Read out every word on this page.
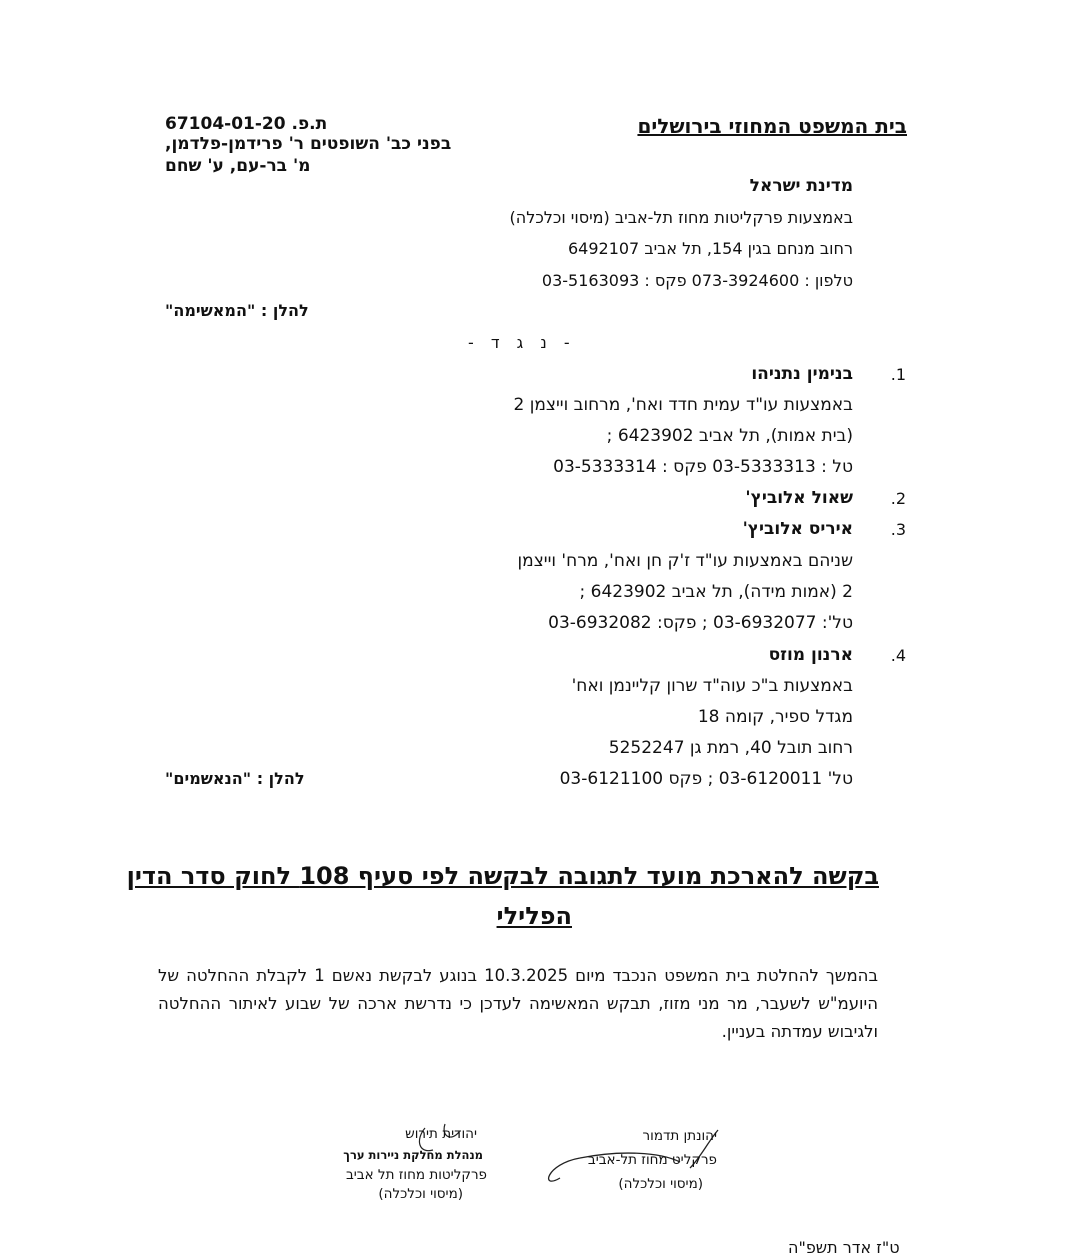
בית המשפט המחוזי בירושלים
ת.פ. 67104-01-20
בפני כב' השופטים ר' פרידמן-פלדמן,
מ' בר-עם, ע' שחם
מדינת ישראל
באמצעות פרקליטות מחוז תל-אביב (מיסוי וכלכלה)
רחוב מנחם בגין 154, תל אביב 6492107
טלפון : 073-3924600 פקס : 03-5163093
להלן : "המאשימה"
- נ ג ד -
1.
בנימין נתניהו
באמצעות עו"ד עמית חדד ואח', מרחוב וייצמן 2
(בית אמות), תל אביב 6423902 ;
טל : 03-5333313 פקס : 03-5333314
2.
שאול אלוביץ'
3.
איריס אלוביץ'
שניהם באמצעות עו"ד ז'ק חן ואח', מרח' וייצמן
2 (אמות מידה), תל אביב 6423902 ;
טל': 03-6932077 ; פקס: 03-6932082
4.
ארנון מוזס
באמצעות ב"כ עוה"ד שרון קליינמן ואח'
מגדל ספיר, קומה 18
רחוב תובל 40, רמת גן 5252247
טל' 03-6120011 ; פקס 03-6121100
להלן : "הנאשמים"
בקשה להארכת מועד לתגובה לבקשה לפי סעיף 108 לחוק סדר הדין
הפלילי
בהמשך להחלטת בית המשפט הנכבד מיום 10.3.2025 בנוגע לבקשת נאשם 1 לקבלת ההחלטה של היועמ"ש לשעבר, מר מני מזוז, תבקש המאשימה לעדכן כי נדרשת ארכה של שבוע לאיתור ההחלטה ולגיבוש עמדתה בעניין.
יהונתן תדמור
פרקליט מחוז תל-אביב
(מיסוי וכלכלה)
יהודית תירוש
מנהלת מחלקת ניירות ערך
פרקליטות מחוז תל אביב
(מיסוי וכלכלה)
ט"ז אדר תשפ"ה
